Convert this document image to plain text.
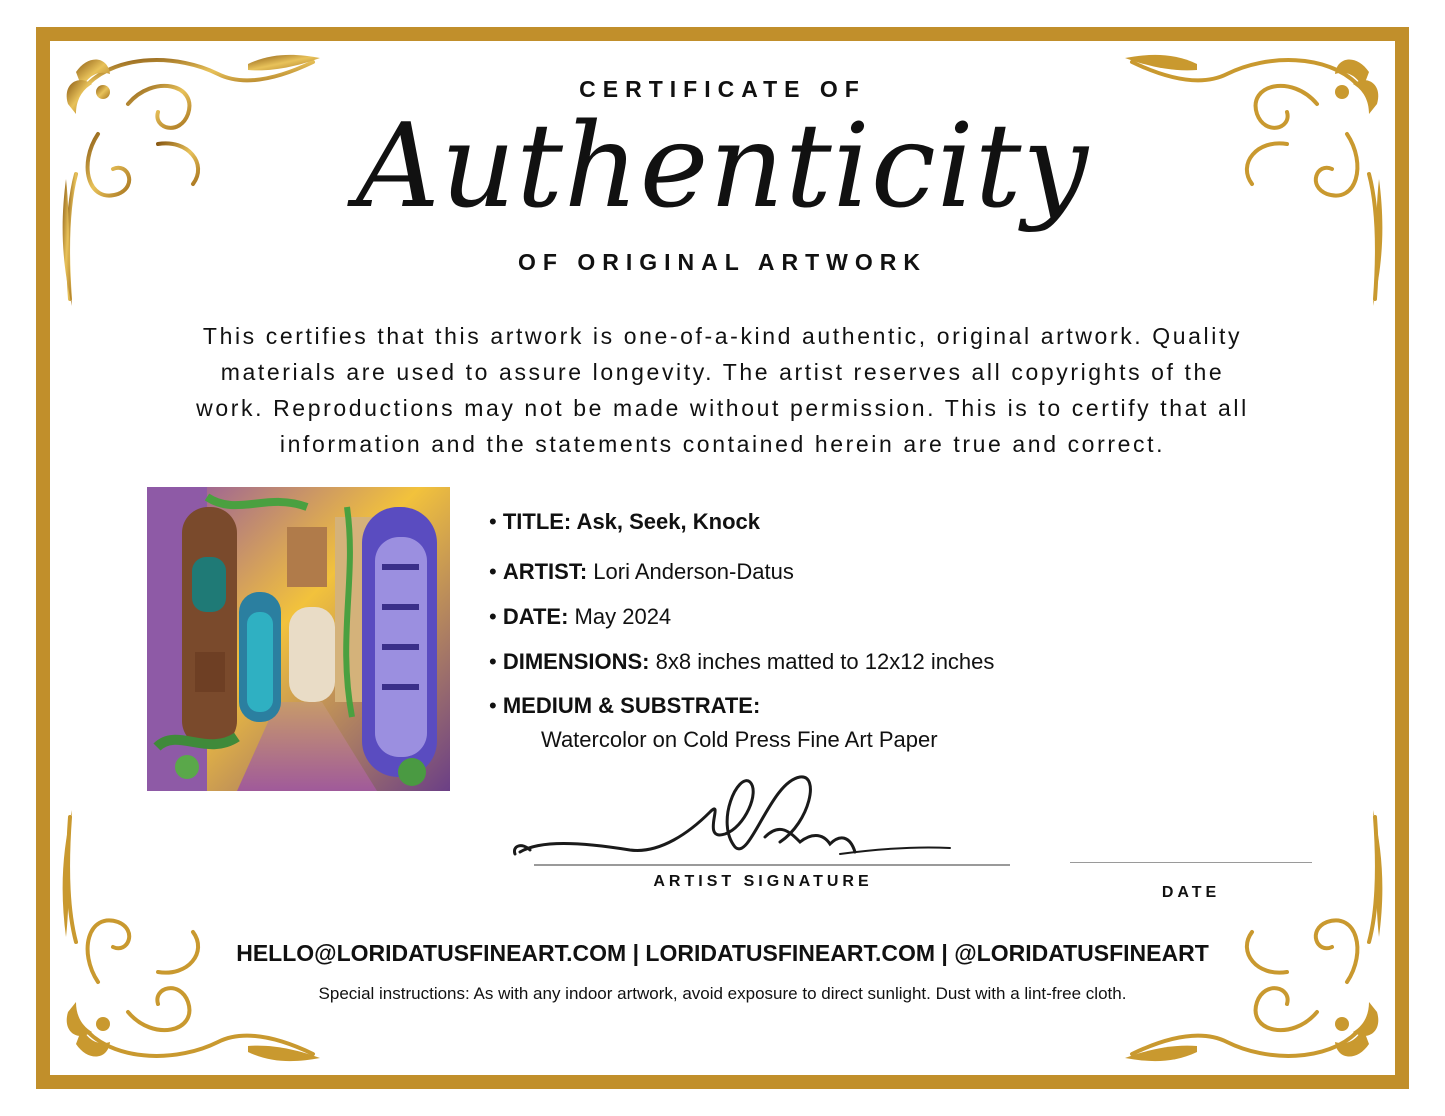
CERTIFICATE OF
Authenticity
OF ORIGINAL ARTWORK
This certifies that this artwork is one-of-a-kind authentic, original artwork. Quality
materials are used to assure longevity. The artist reserves all copyrights of the
work. Reproductions may not be made without permission. This is to certify that all
information and the statements contained herein are true and correct.
• TITLE: Ask, Seek, Knock
• ARTIST: Lori Anderson-Datus
• DATE: May 2024
• DIMENSIONS: 8x8 inches matted to 12x12 inches
• MEDIUM & SUBSTRATE:
Watercolor on Cold Press Fine Art Paper
ARTIST SIGNATURE
DATE
HELLO@LORIDATUSFINEART.COM | LORIDATUSFINEART.COM | @LORIDATUSFINEART
Special instructions: As with any indoor artwork, avoid exposure to direct sunlight. Dust with a lint-free cloth.
